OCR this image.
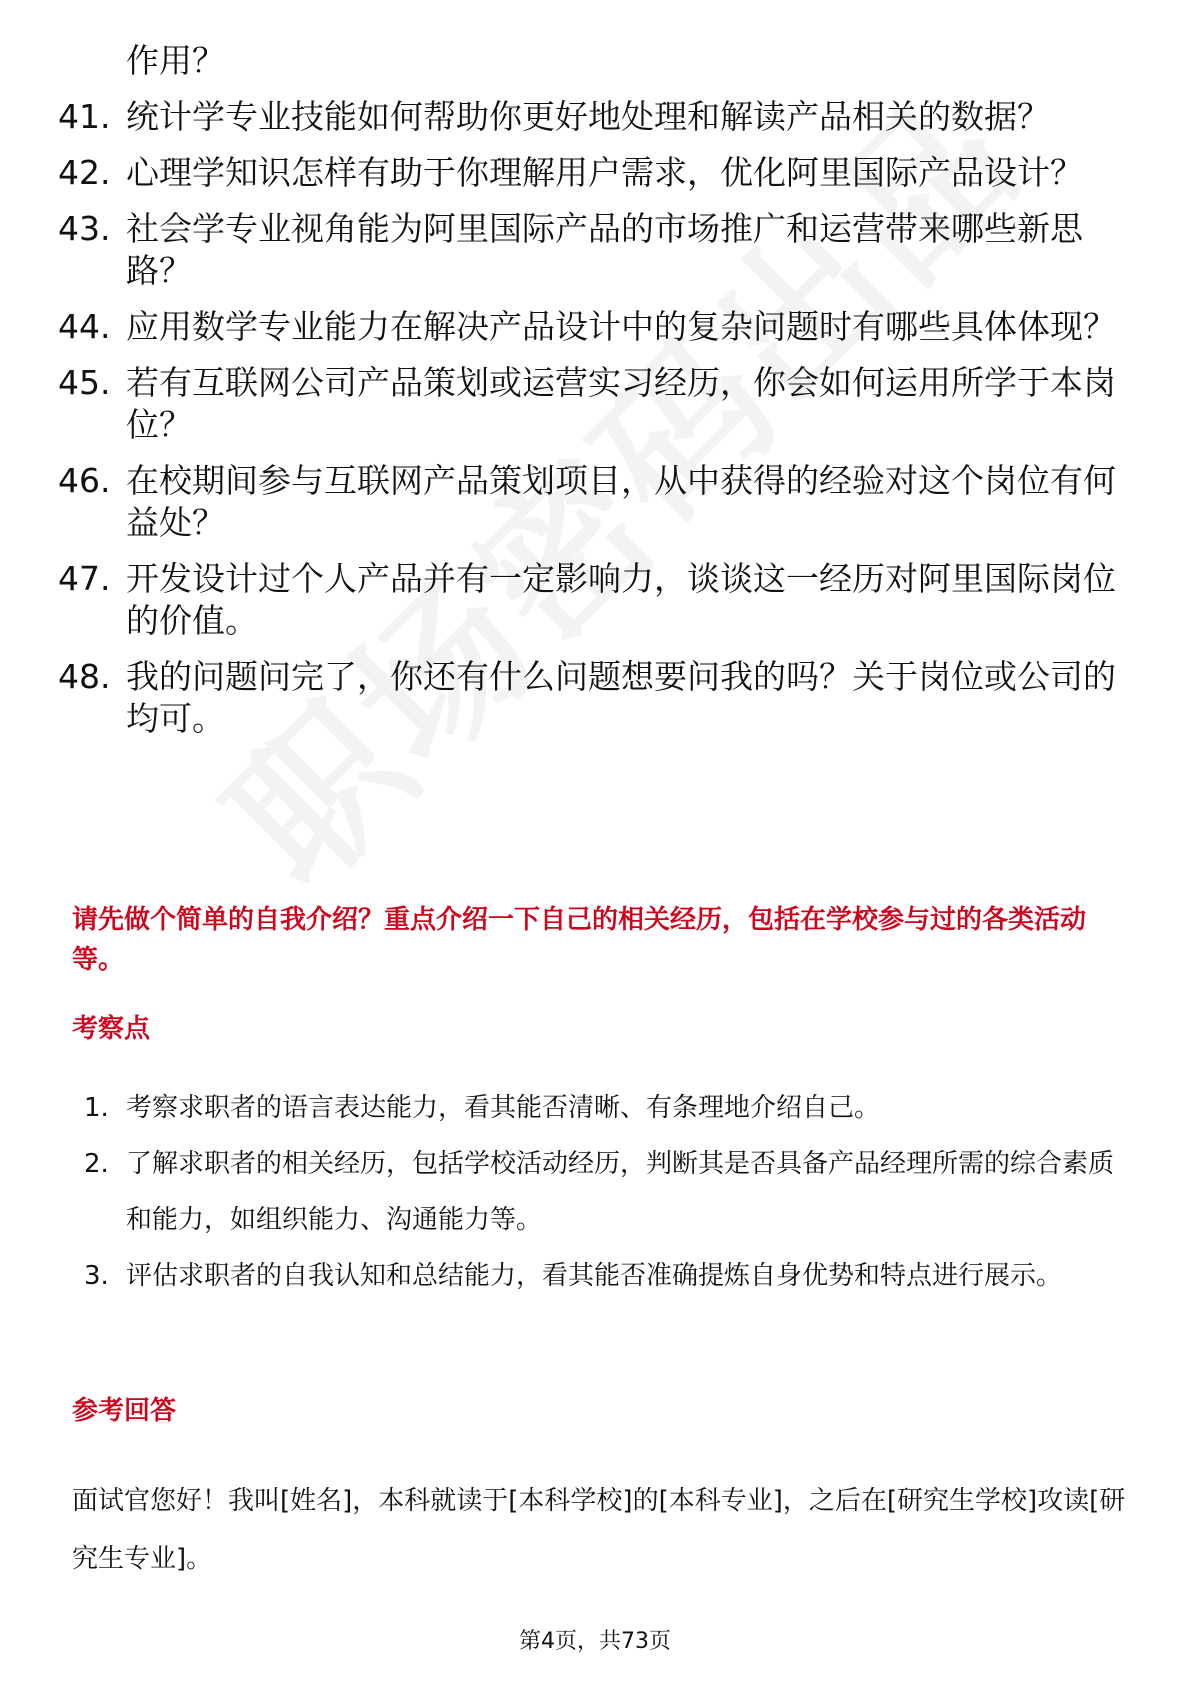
作用？
41. 统计学专业技能如何帮助你更好地处理和解读产品相关的数据？
42. 心理学知识怎样有助于你理解用户需求，优化阿里国际产品设计？
43. 社会学专业视角能为阿里国际产品的市场推广和运营带来哪些新思路？
44. 应用数学专业能力在解决产品设计中的复杂问题时有哪些具体体现？
45. 若有互联网公司产品策划或运营实习经历，你会如何运用所学于本岗位？
46. 在校期间参与互联网产品策划项目，从中获得的经验对这个岗位有何益处？
47. 开发设计过个人产品并有一定影响力，谈谈这一经历对阿里国际岗位的价值。
48. 我的问题问完了，你还有什么问题想要问我的吗？关于岗位或公司的均可。
请先做个简单的自我介绍？重点介绍一下自己的相关经历，包括在学校参与过的各类活动等。
考察点
1. 考察求职者的语言表达能力，看其能否清晰、有条理地介绍自己。
2. 了解求职者的相关经历，包括学校活动经历，判断其是否具备产品经理所需的综合素质和能力，如组织能力、沟通能力等。
3. 评估求职者的自我认知和总结能力，看其能否准确提炼自身优势和特点进行展示。
参考回答
面试官您好！我叫[姓名]，本科就读于[本科学校]的[本科专业]，之后在[研究生学校]攻读[研究生专业]。
第4页，共73页
